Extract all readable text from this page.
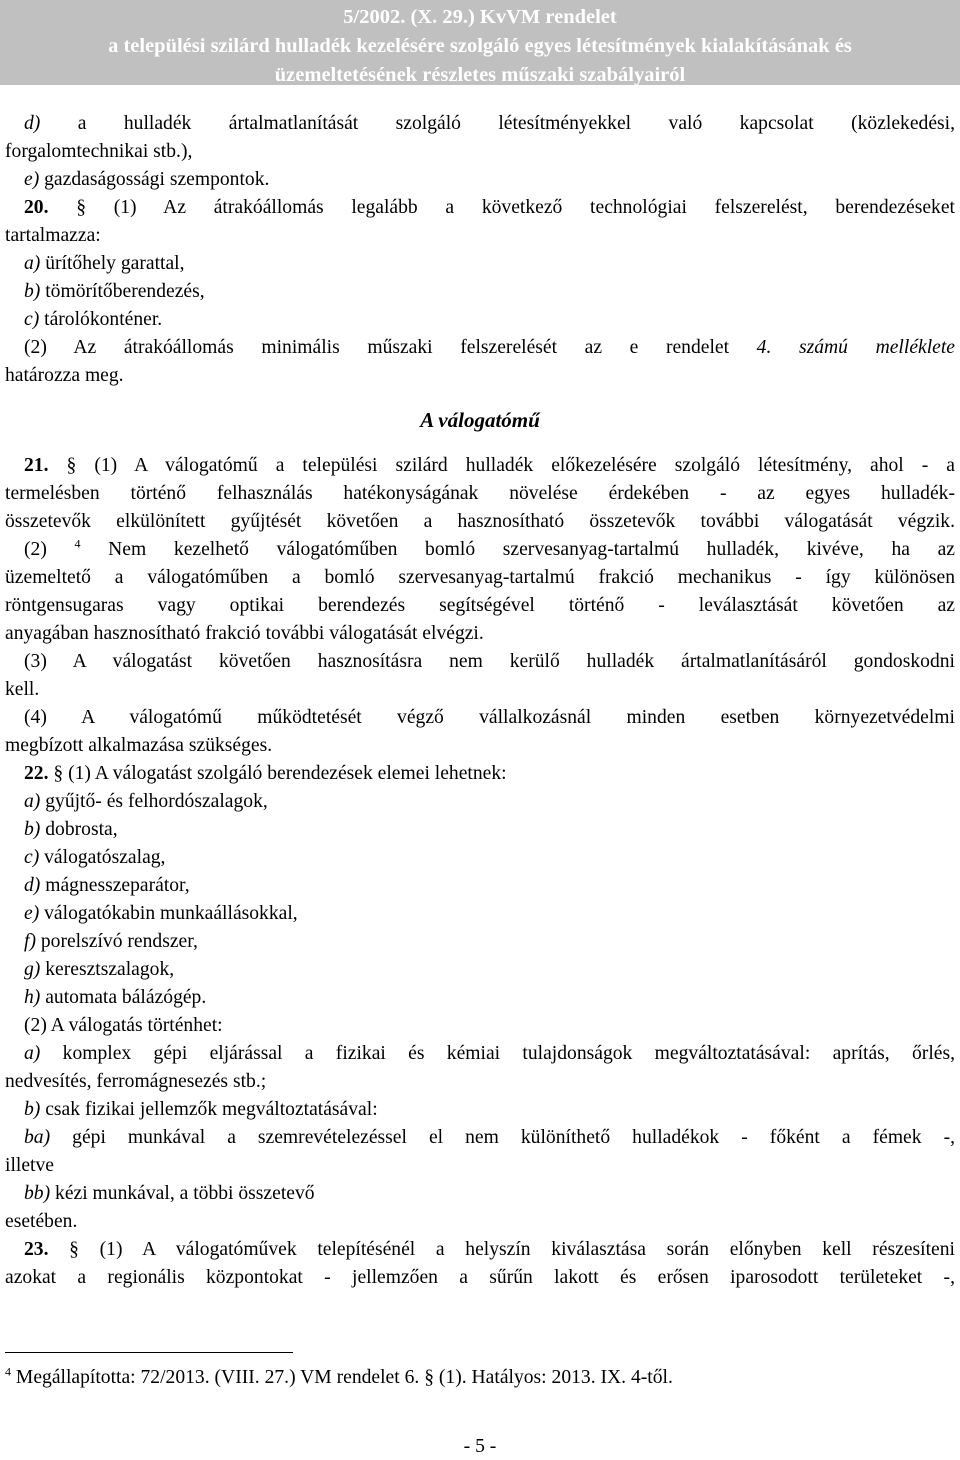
5/2002. (X. 29.) KvVM rendelet
a települési szilárd hulladék kezelésére szolgáló egyes létesítmények kialakításának és
üzemeltetésének részletes műszaki szabályairól

d) a hulladék ártalmatlanítását szolgáló létesítményekkel való kapcsolat (közlekedési,

forgalomtechnikai stb.),

e) gazdaságossági szempontok.

20. § (1) Az átrakóállomás legalább a következő technológiai felszerelést, berendezéseket

tartalmazza:

a) ürítőhely garattal,

b) tömörítőberendezés,

c) tárolókonténer.

(2) Az átrakóállomás minimális műszaki felszerelését az e rendelet 4. számú melléklete

határozza meg.

A válogatómű

21. § (1) A válogatómű a települési szilárd hulladék előkezelésére szolgáló létesítmény, ahol - a

termelésben történő felhasználás hatékonyságának növelése érdekében - az egyes hulladék-

összetevők elkülönített gyűjtését követően a hasznosítható összetevők további válogatását végzik.

(2) $^4$ Nem kezelhető válogatóműben bomló szervesanyag-tartalmú hulladék, kivéve, ha az

üzemeltető a válogatóműben a bomló szervesanyag-tartalmú frakció mechanikus - így különösen

röntgensugaras vagy optikai berendezés segítségével történő - leválasztását követően az

anyagában hasznosítható frakció további válogatását elvégzi.

(3) A válogatást követően hasznosításra nem kerülő hulladék ártalmatlanításáról gondoskodni

kell.

(4) A válogatómű működtetését végző vállalkozásnál minden esetben környezetvédelmi

megbízott alkalmazása szükséges.

22. § (1) A válogatást szolgáló berendezések elemei lehetnek:

a) gyűjtő- és felhordószalagok,

b) dobrosta,

c) válogatószalag,

d) mágnesszeparátor,

e) válogatókabin munkaállásokkal,

f) porelszívó rendszer,

g) keresztszalagok,

h) automata bálázógép.

(2) A válogatás történhet:

a) komplex gépi eljárással a fizikai és kémiai tulajdonságok megváltoztatásával: aprítás, őrlés,

nedvesítés, ferromágnesezés stb.;

b) csak fizikai jellemzők megváltoztatásával:

ba) gépi munkával a szemrevételezéssel el nem különíthető hulladékok - főként a fémek -,

illetve

bb) kézi munkával, a többi összetevő

esetében.

23. § (1) A válogatóművek telepítésénél a helyszín kiválasztása során előnyben kell részesíteni

azokat a regionális központokat - jellemzően a sűrűn lakott és erősen iparosodott területeket -,

$^4$ Megállapította: 72/2013. (VIII. 27.) VM rendelet 6. § (1). Hatályos: 2013. IX. 4-től.
- 5 -
